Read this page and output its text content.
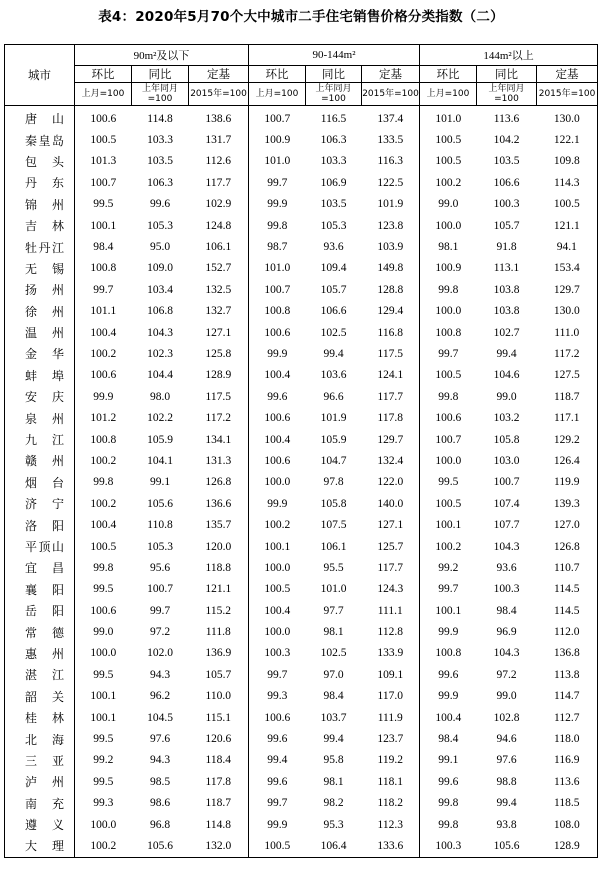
表4：2020年5月70个大中城市二手住宅销售价格分类指数（二）
城市	90m²及以下			90-144m²			144m²以上		
	环比	同比	定基	环比	同比	定基	环比	同比	定基
	上月=100	上年同月=100	2015年=100	上月=100	上年同月=100	2015年=100	上月=100	上年同月=100	2015年=100

唐 山	100.6	114.8	138.6	100.7	116.5	137.4	101.0	113.6	130.0

秦 皇 岛	100.5	103.3	131.7	100.9	106.3	133.5	100.5	104.2	122.1

包 头	101.3	103.5	112.6	101.0	103.3	116.3	100.5	103.5	109.8

丹 东	100.7	106.3	117.7	99.7	106.9	122.5	100.2	106.6	114.3

锦 州	99.5	99.6	102.9	99.9	103.5	101.9	99.0	100.3	100.5

吉 林	100.1	105.3	124.8	99.8	105.3	123.8	100.0	105.7	121.1

牡 丹 江	98.4	95.0	106.1	98.7	93.6	103.9	98.1	91.8	94.1

无 锡	100.8	109.0	152.7	101.0	109.4	149.8	100.9	113.1	153.4

扬 州	99.7	103.4	132.5	100.7	105.7	128.8	99.8	103.8	129.7

徐 州	101.1	106.8	132.7	100.8	106.6	129.4	100.0	103.8	130.0

温 州	100.4	104.3	127.1	100.6	102.5	116.8	100.8	102.7	111.0

金 华	100.2	102.3	125.8	99.9	99.4	117.5	99.7	99.4	117.2

蚌 埠	100.6	104.4	128.9	100.4	103.6	124.1	100.5	104.6	127.5

安 庆	99.9	98.0	117.5	99.6	96.6	117.7	99.8	99.0	118.7

泉 州	101.2	102.2	117.2	100.6	101.9	117.8	100.6	103.2	117.1

九 江	100.8	105.9	134.1	100.4	105.9	129.7	100.7	105.8	129.2

赣 州	100.2	104.1	131.3	100.6	104.7	132.4	100.0	103.0	126.4

烟 台	99.8	99.1	126.8	100.0	97.8	122.0	99.5	100.7	119.9

济 宁	100.2	105.6	136.6	99.9	105.8	140.0	100.5	107.4	139.3

洛 阳	100.4	110.8	135.7	100.2	107.5	127.1	100.1	107.7	127.0

平 顶 山	100.5	105.3	120.0	100.1	106.1	125.7	100.2	104.3	126.8

宜 昌	99.8	95.6	118.8	100.0	95.5	117.7	99.2	93.6	110.7

襄 阳	99.5	100.7	121.1	100.5	101.0	124.3	99.7	100.3	114.5

岳 阳	100.6	99.7	115.2	100.4	97.7	111.1	100.1	98.4	114.5

常 德	99.0	97.2	111.8	100.0	98.1	112.8	99.9	96.9	112.0

惠 州	100.0	102.0	136.9	100.3	102.5	133.9	100.8	104.3	136.8

湛 江	99.5	94.3	105.7	99.7	97.0	109.1	99.6	97.2	113.8

韶 关	100.1	96.2	110.0	99.3	98.4	117.0	99.9	99.0	114.7

桂 林	100.1	104.5	115.1	100.6	103.7	111.9	100.4	102.8	112.7

北 海	99.5	97.6	120.6	99.6	99.4	123.7	98.4	94.6	118.0

三 亚	99.2	94.3	118.4	99.4	95.8	119.2	99.1	97.6	116.9

泸 州	99.5	98.5	117.8	99.6	98.1	118.1	99.6	98.8	113.6

南 充	99.3	98.6	118.7	99.7	98.2	118.2	99.8	99.4	118.5

遵 义	100.0	96.8	114.8	99.9	95.3	112.3	99.8	93.8	108.0

大 理	100.2	105.6	132.0	100.5	106.4	133.6	100.3	105.6	128.9
